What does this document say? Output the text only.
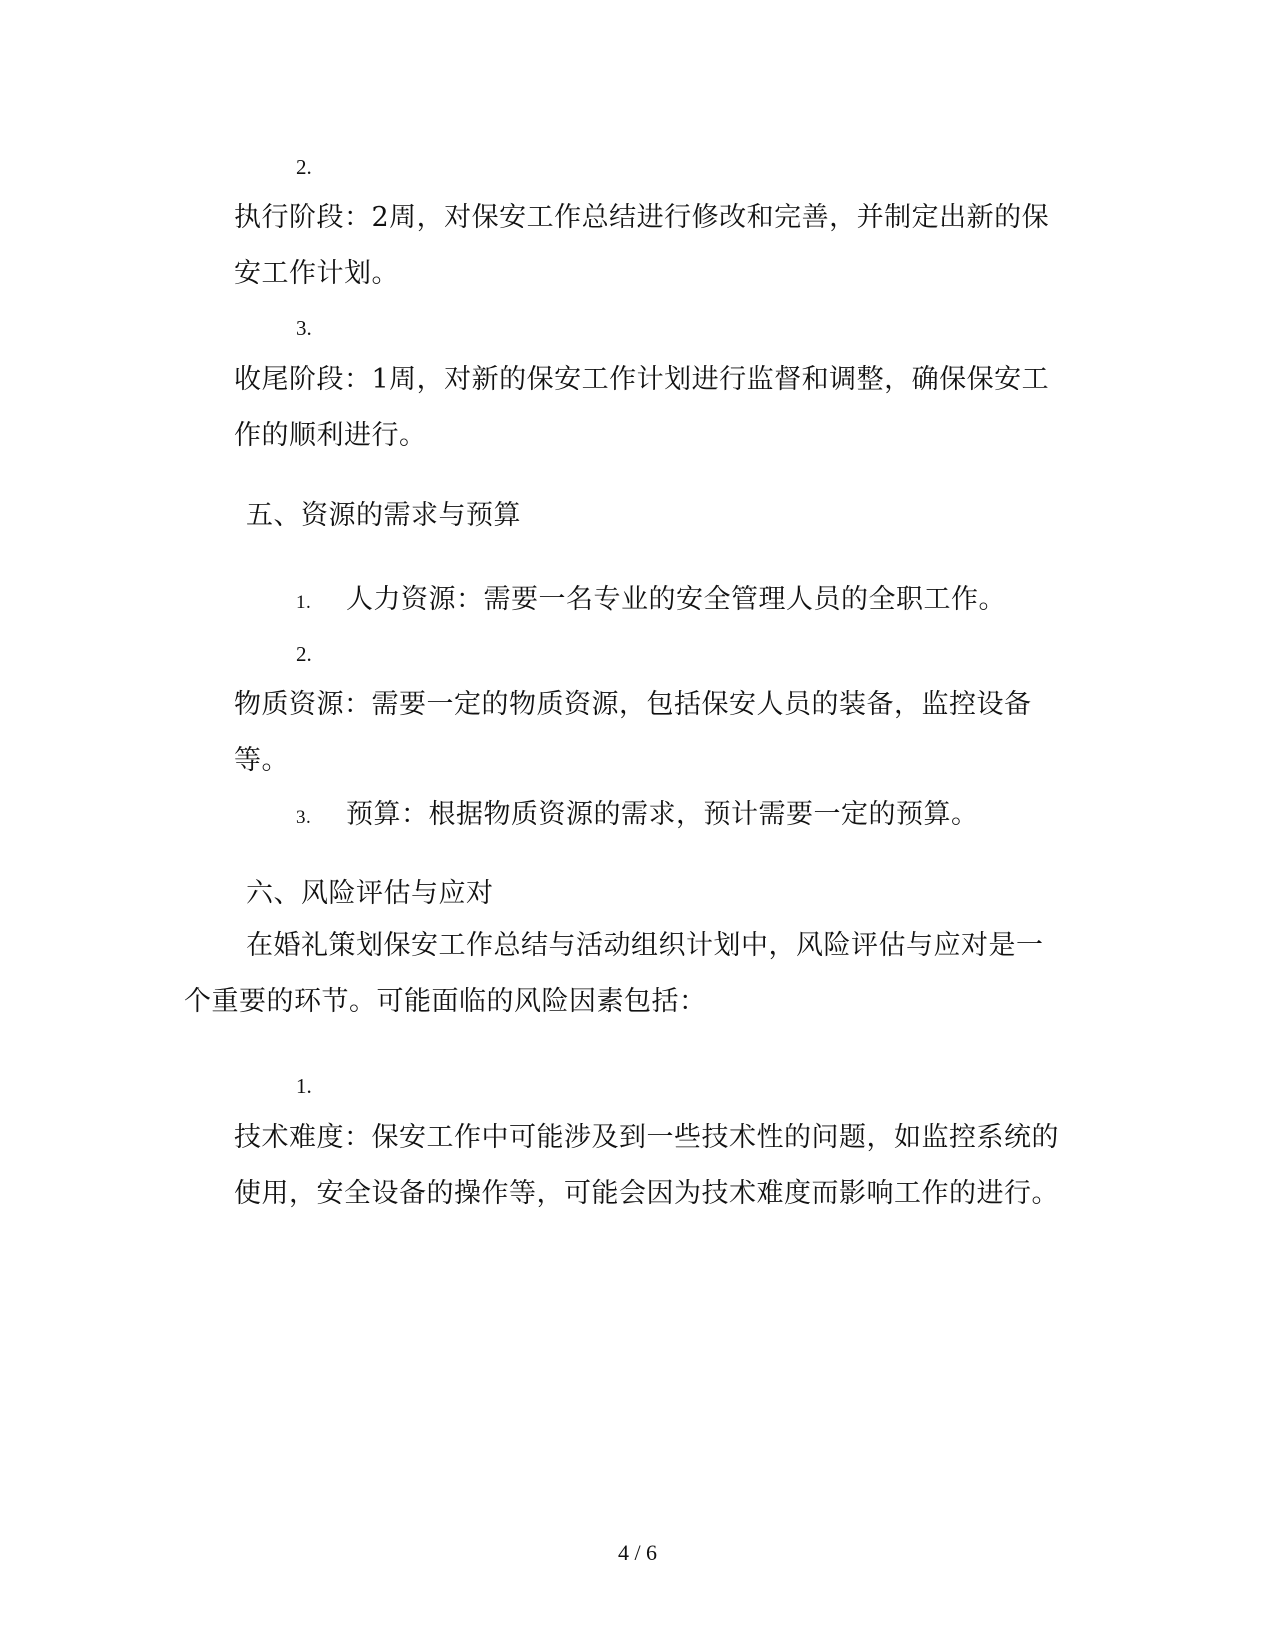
2.
执行阶段：2周，对保安工作总结进行修改和完善，并制定出新的保安工作计划。
3.
收尾阶段：1周，对新的保安工作计划进行监督和调整，确保保安工作的顺利进行。
五、资源的需求与预算
1. 人力资源：需要一名专业的安全管理人员的全职工作。
2.
物质资源：需要一定的物质资源，包括保安人员的装备，监控设备等。
3. 预算：根据物质资源的需求，预计需要一定的预算。
六、风险评估与应对
在婚礼策划保安工作总结与活动组织计划中，风险评估与应对是一个重要的环节。可能面临的风险因素包括：
1.
技术难度：保安工作中可能涉及到一些技术性的问题，如监控系统的使用，安全设备的操作等，可能会因为技术难度而影响工作的进行。
4 / 6
